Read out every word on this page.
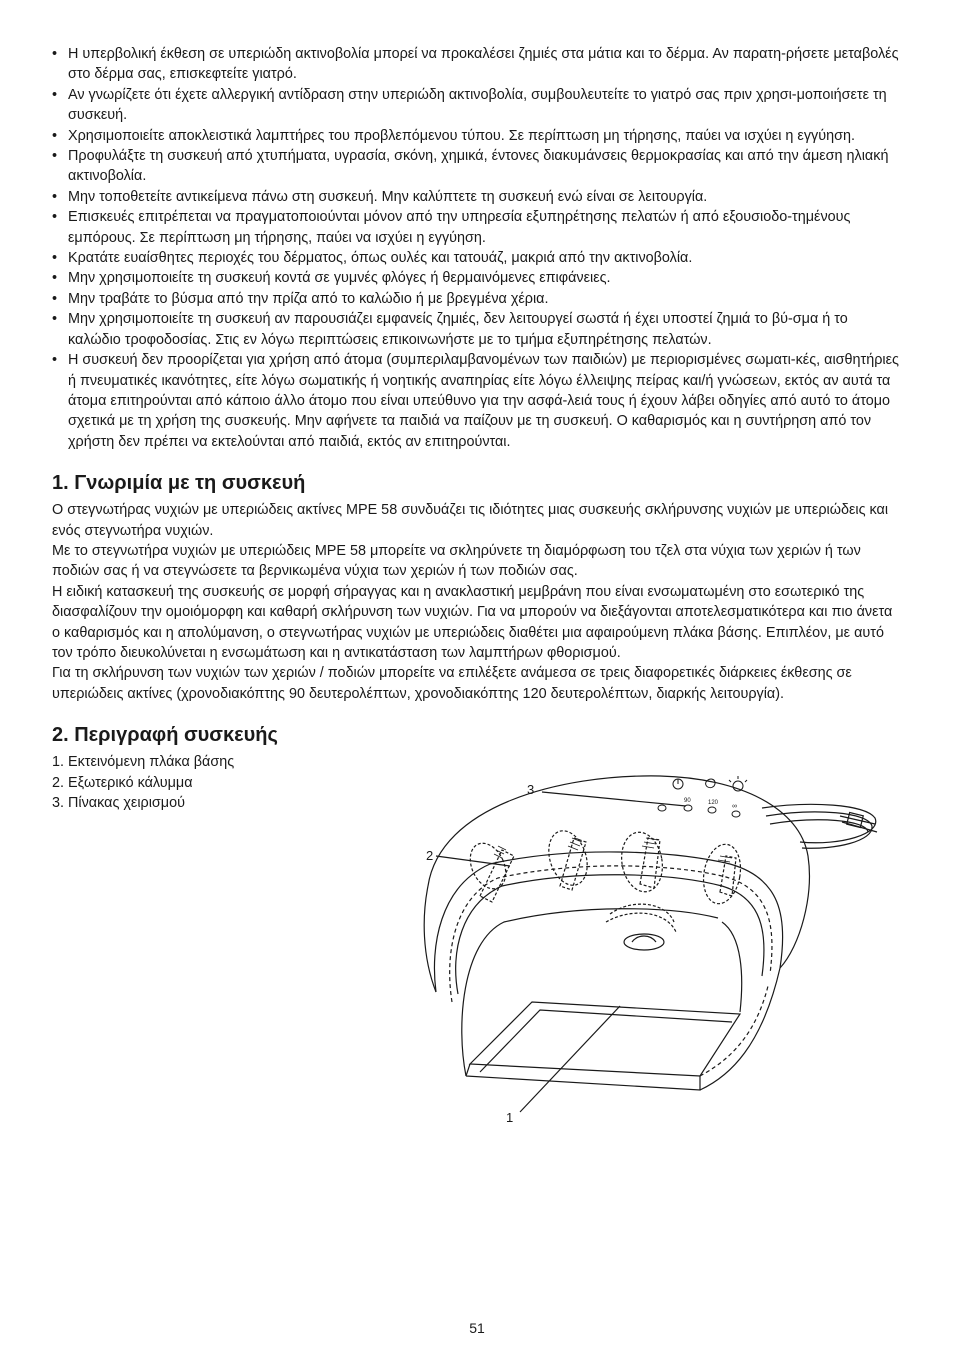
• Η υπερβολική έκθεση σε υπεριώδη ακτινοβολία μπορεί να προκαλέσει ζημιές στα μάτια και το δέρμα. Αν παρατη-ρήσετε μεταβολές στο δέρμα σας, επισκεφτείτε γιατρό.
• Αν γνωρίζετε ότι έχετε αλλεργική αντίδραση στην υπεριώδη ακτινοβολία, συμβουλευτείτε το γιατρό σας πριν χρησι-μοποιήσετε τη συσκευή.
• Χρησιμοποιείτε αποκλειστικά λαμπτήρες του προβλεπόμενου τύπου. Σε περίπτωση μη τήρησης, παύει να ισχύει η εγγύηση.
• Προφυλάξτε τη συσκευή από χτυπήματα, υγρασία, σκόνη, χημικά, έντονες διακυμάνσεις θερμοκρασίας και από την άμεση ηλιακή ακτινοβολία.
• Μην τοποθετείτε αντικείμενα πάνω στη συσκευή. Μην καλύπτετε τη συσκευή ενώ είναι σε λειτουργία.
• Επισκευές επιτρέπεται να πραγματοποιούνται μόνον από την υπηρεσία εξυπηρέτησης πελατών ή από εξουσιοδο-τημένους εμπόρους. Σε περίπτωση μη τήρησης, παύει να ισχύει η εγγύηση.
• Κρατάτε ευαίσθητες περιοχές του δέρματος, όπως ουλές και τατουάζ, μακριά από την ακτινοβολία.
• Μην χρησιμοποιείτε τη συσκευή κοντά σε γυμνές φλόγες ή θερμαινόμενες επιφάνειες.
• Μην τραβάτε το βύσμα από την πρίζα από το καλώδιο ή με βρεγμένα χέρια.
• Μην χρησιμοποιείτε τη συσκευή αν παρουσιάζει εμφανείς ζημιές, δεν λειτουργεί σωστά ή έχει υποστεί ζημιά το βύ-σμα ή το καλώδιο τροφοδοσίας. Στις εν λόγω περιπτώσεις επικοινωνήστε με το τμήμα εξυπηρέτησης πελατών.
• Η συσκευή δεν προορίζεται για χρήση από άτομα (συμπεριλαμβανομένων των παιδιών) με περιορισμένες σωματι-κές, αισθητήριες ή πνευματικές ικανότητες, είτε λόγω σωματικής ή νοητικής αναπηρίας είτε λόγω έλλειψης πείρας και/ή γνώσεων, εκτός αν αυτά τα άτομα επιτηρούνται από κάποιο άλλο άτομο που είναι υπεύθυνο για την ασφά-λειά τους ή έχουν λάβει οδηγίες από αυτό το άτομο σχετικά με τη χρήση της συσκευής. Μην αφήνετε τα παιδιά να παίζουν με τη συσκευή. Ο καθαρισμός και η συντήρηση από τον χρήστη δεν πρέπει να εκτελούνται από παιδιά, εκτός αν επιτηρούνται.
1. Γνωριμία με τη συσκευή

Ο στεγνωτήρας νυχιών με υπεριώδεις ακτίνες MPE 58 συνδυάζει τις ιδιότητες μιας συσκευής σκλήρυνσης νυχιών με υπεριώδεις και ενός στεγνωτήρα νυχιών.

Με το στεγνωτήρα νυχιών με υπεριώδεις MPE 58 μπορείτε να σκληρύνετε τη διαμόρφωση του τζελ στα νύχια των χεριών ή των ποδιών σας ή να στεγνώσετε τα βερνικωμένα νύχια των χεριών ή των ποδιών σας.

Η ειδική κατασκευή της συσκευής σε μορφή σήραγγας και η ανακλαστική μεμβράνη που είναι ενσωματωμένη στο εσωτερικό της διασφαλίζουν την ομοιόμορφη και καθαρή σκλήρυνση των νυχιών. Για να μπορούν να διεξάγονται αποτελεσματικότερα και πιο άνετα ο καθαρισμός και η απολύμανση, ο στεγνωτήρας νυχιών με υπεριώδεις διαθέτει μια αφαιρούμενη πλάκα βάσης. Επιπλέον, με αυτό τον τρόπο διευκολύνεται η ενσωμάτωση και η αντικατάσταση των λαμπτήρων φθορισμού.

Για τη σκλήρυνση των νυχιών των χεριών / ποδιών μπορείτε να επιλέξετε ανάμεσα σε τρεις διαφορετικές διάρκειες έκθεσης σε υπεριώδεις ακτίνες (χρονοδιακόπτης 90 δευτερολέπτων, χρονοδιακόπτης 120 δευτερολέπτων, διαρκής λειτουργία).

2. Περιγραφή συσκευής
1. Εκτεινόμενη πλάκα βάσης
2. Εξωτερικό κάλυμμα
3. Πίνακας χειρισμού
3
2
1
90	120 ∞
51
